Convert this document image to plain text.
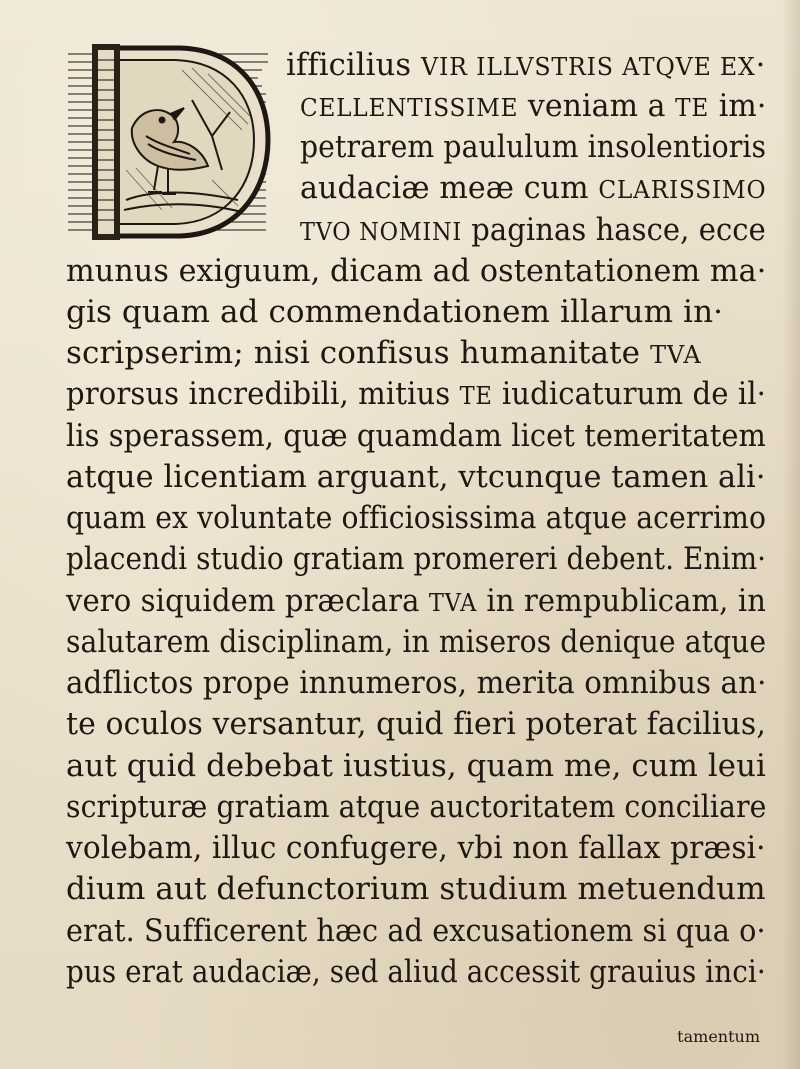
ifficilius VIR ILLVSTRIS ATQVE EX·
CELLENTISSIME veniam a TE im·
petrarem paululum insolentioris
audaciæ meæ cum CLARISSIMO
TVO NOMINI paginas hasce, ecce
munus exiguum, dicam ad ostentationem ma·
gis quam ad commendationem illarum in·
scripserim; nisi confisus humanitate TVA
prorsus incredibili, mitius TE iudicaturum de il·
lis sperassem, quæ quamdam licet temeritatem
atque licentiam arguant, vtcunque tamen ali·
quam ex voluntate officiosissima atque acerrimo
placendi studio gratiam promereri debent. Enim·
vero siquidem præclara TVA in rempublicam, in
salutarem disciplinam, in miseros denique atque
adflictos prope innumeros, merita omnibus an·
te oculos versantur, quid fieri poterat facilius,
aut quid debebat iustius, quam me, cum leui
scripturæ gratiam atque auctoritatem conciliare
volebam, illuc confugere, vbi non fallax præsi·
dium aut defunctorium studium metuendum
erat. Sufficerent hæc ad excusationem si qua o·
pus erat audaciæ, sed aliud accessit grauius inci·
tamentum
